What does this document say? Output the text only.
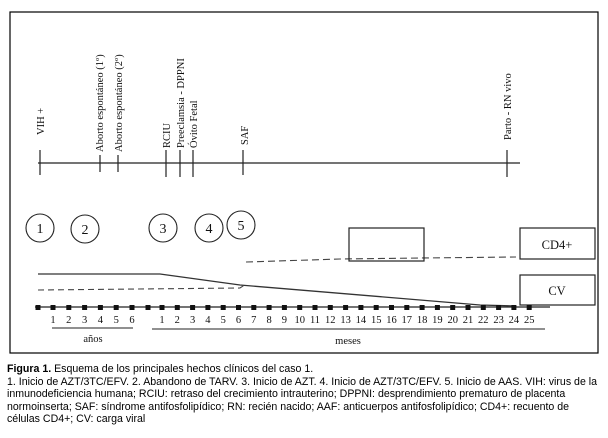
VIH +	Aborto espontáneo (1º) Aborto espontáneo (2º)	RCIU Preeclamsia - DPPNI Óvito Fetal	SAF	Parto - RN vivo
1	2	3	4 5
CD4+
CV
1 2 3 4 5 6 1 2 3 4 5 6 7 8 9 10 11 12 13 14 15 16 17 18 19 20 21 22 23 24 25
años	meses

Figura 1. Esquema de los principales hechos clínicos del caso 1.

1. Inicio de AZT/3TC/EFV. 2. Abandono de TARV. 3. Inicio de AZT. 4. Inicio de AZT/3TC/EFV. 5. Inicio de AAS. VIH: virus de la inmunodeficiencia humana; RCIU: retraso del crecimiento intrauterino; DPPNI: desprendimiento prematuro de placenta normoinserta; SAF: síndrome antifosfolipídico; RN: recién nacido; AAF: anticuerpos antifosfolipídico; CD4+: recuento de células CD4+; CV: carga viral
